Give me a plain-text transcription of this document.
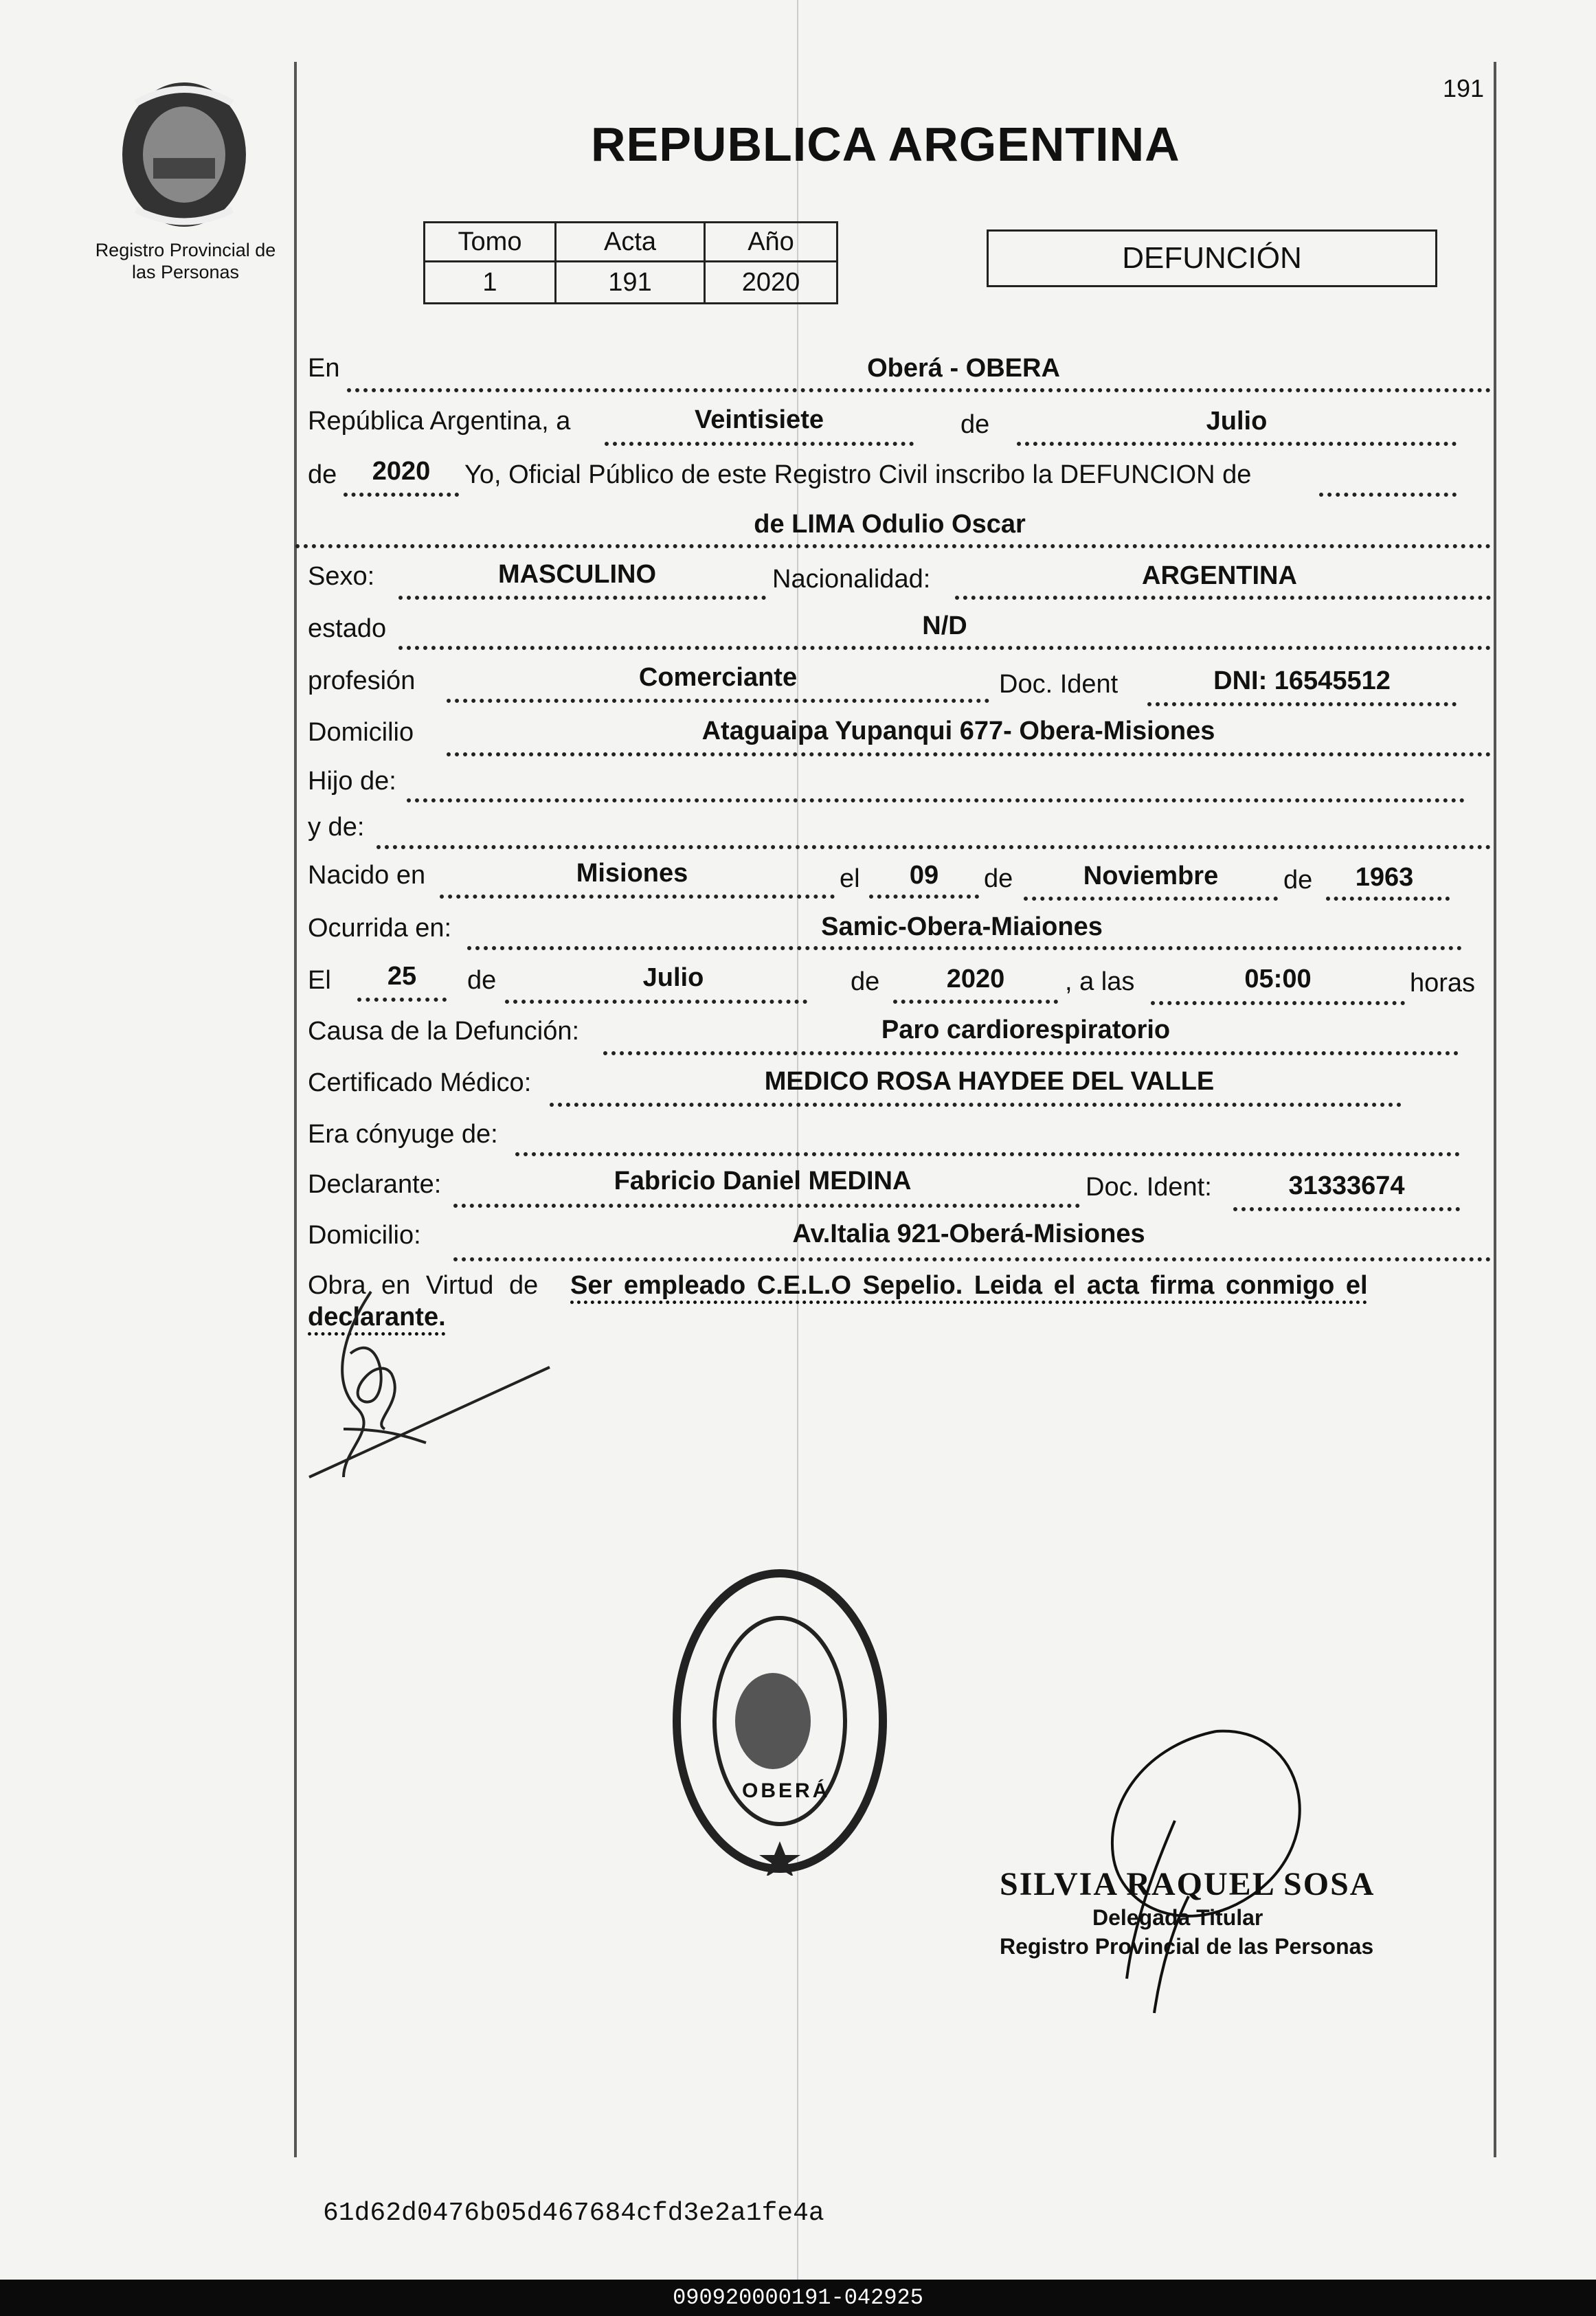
Registro Provincial de
las Personas
191
REPUBLICA ARGENTINA
Tomo	Acta	Año
1	191	2020
DEFUNCIÓN
En	Oberá - OBERA
República Argentina, a	Veintisiete	de	Julio
de	2020	Yo, Oficial Público de este Registro Civil inscribo la DEFUNCION de
de LIMA Odulio Oscar
Sexo:	MASCULINO	Nacionalidad:	ARGENTINA
estado	N/D
profesión	Comerciante	Doc. Ident	DNI: 16545512
Domicilio	Ataguaipa Yupanqui 677- Obera-Misiones
Hijo de:
y de:
Nacido en	Misiones	el	09	de	Noviembre	de	1963
Ocurrida en:	Samic-Obera-Miaiones
El	25	de	Julio	de	2020	, a las	05:00	horas
Causa de la Defunción:	Paro cardiorespiratorio
Certificado Médico:	MEDICO ROSA HAYDEE DEL VALLE
Era cónyuge de:
Declarante:	Fabricio Daniel MEDINA	Doc. Ident:	31333674
Domicilio:	Av.Italia 921-Oberá-Misiones
Obra en Virtud de Ser empleado C.E.L.O Sepelio. Leida el acta firma conmigo el
declarante.
OBERÁ
SILVIA RAQUEL SOSA
Delegada Titular
Registro Provincial de las Personas
61d62d0476b05d467684cfd3e2a1fe4a
090920000191-042925
